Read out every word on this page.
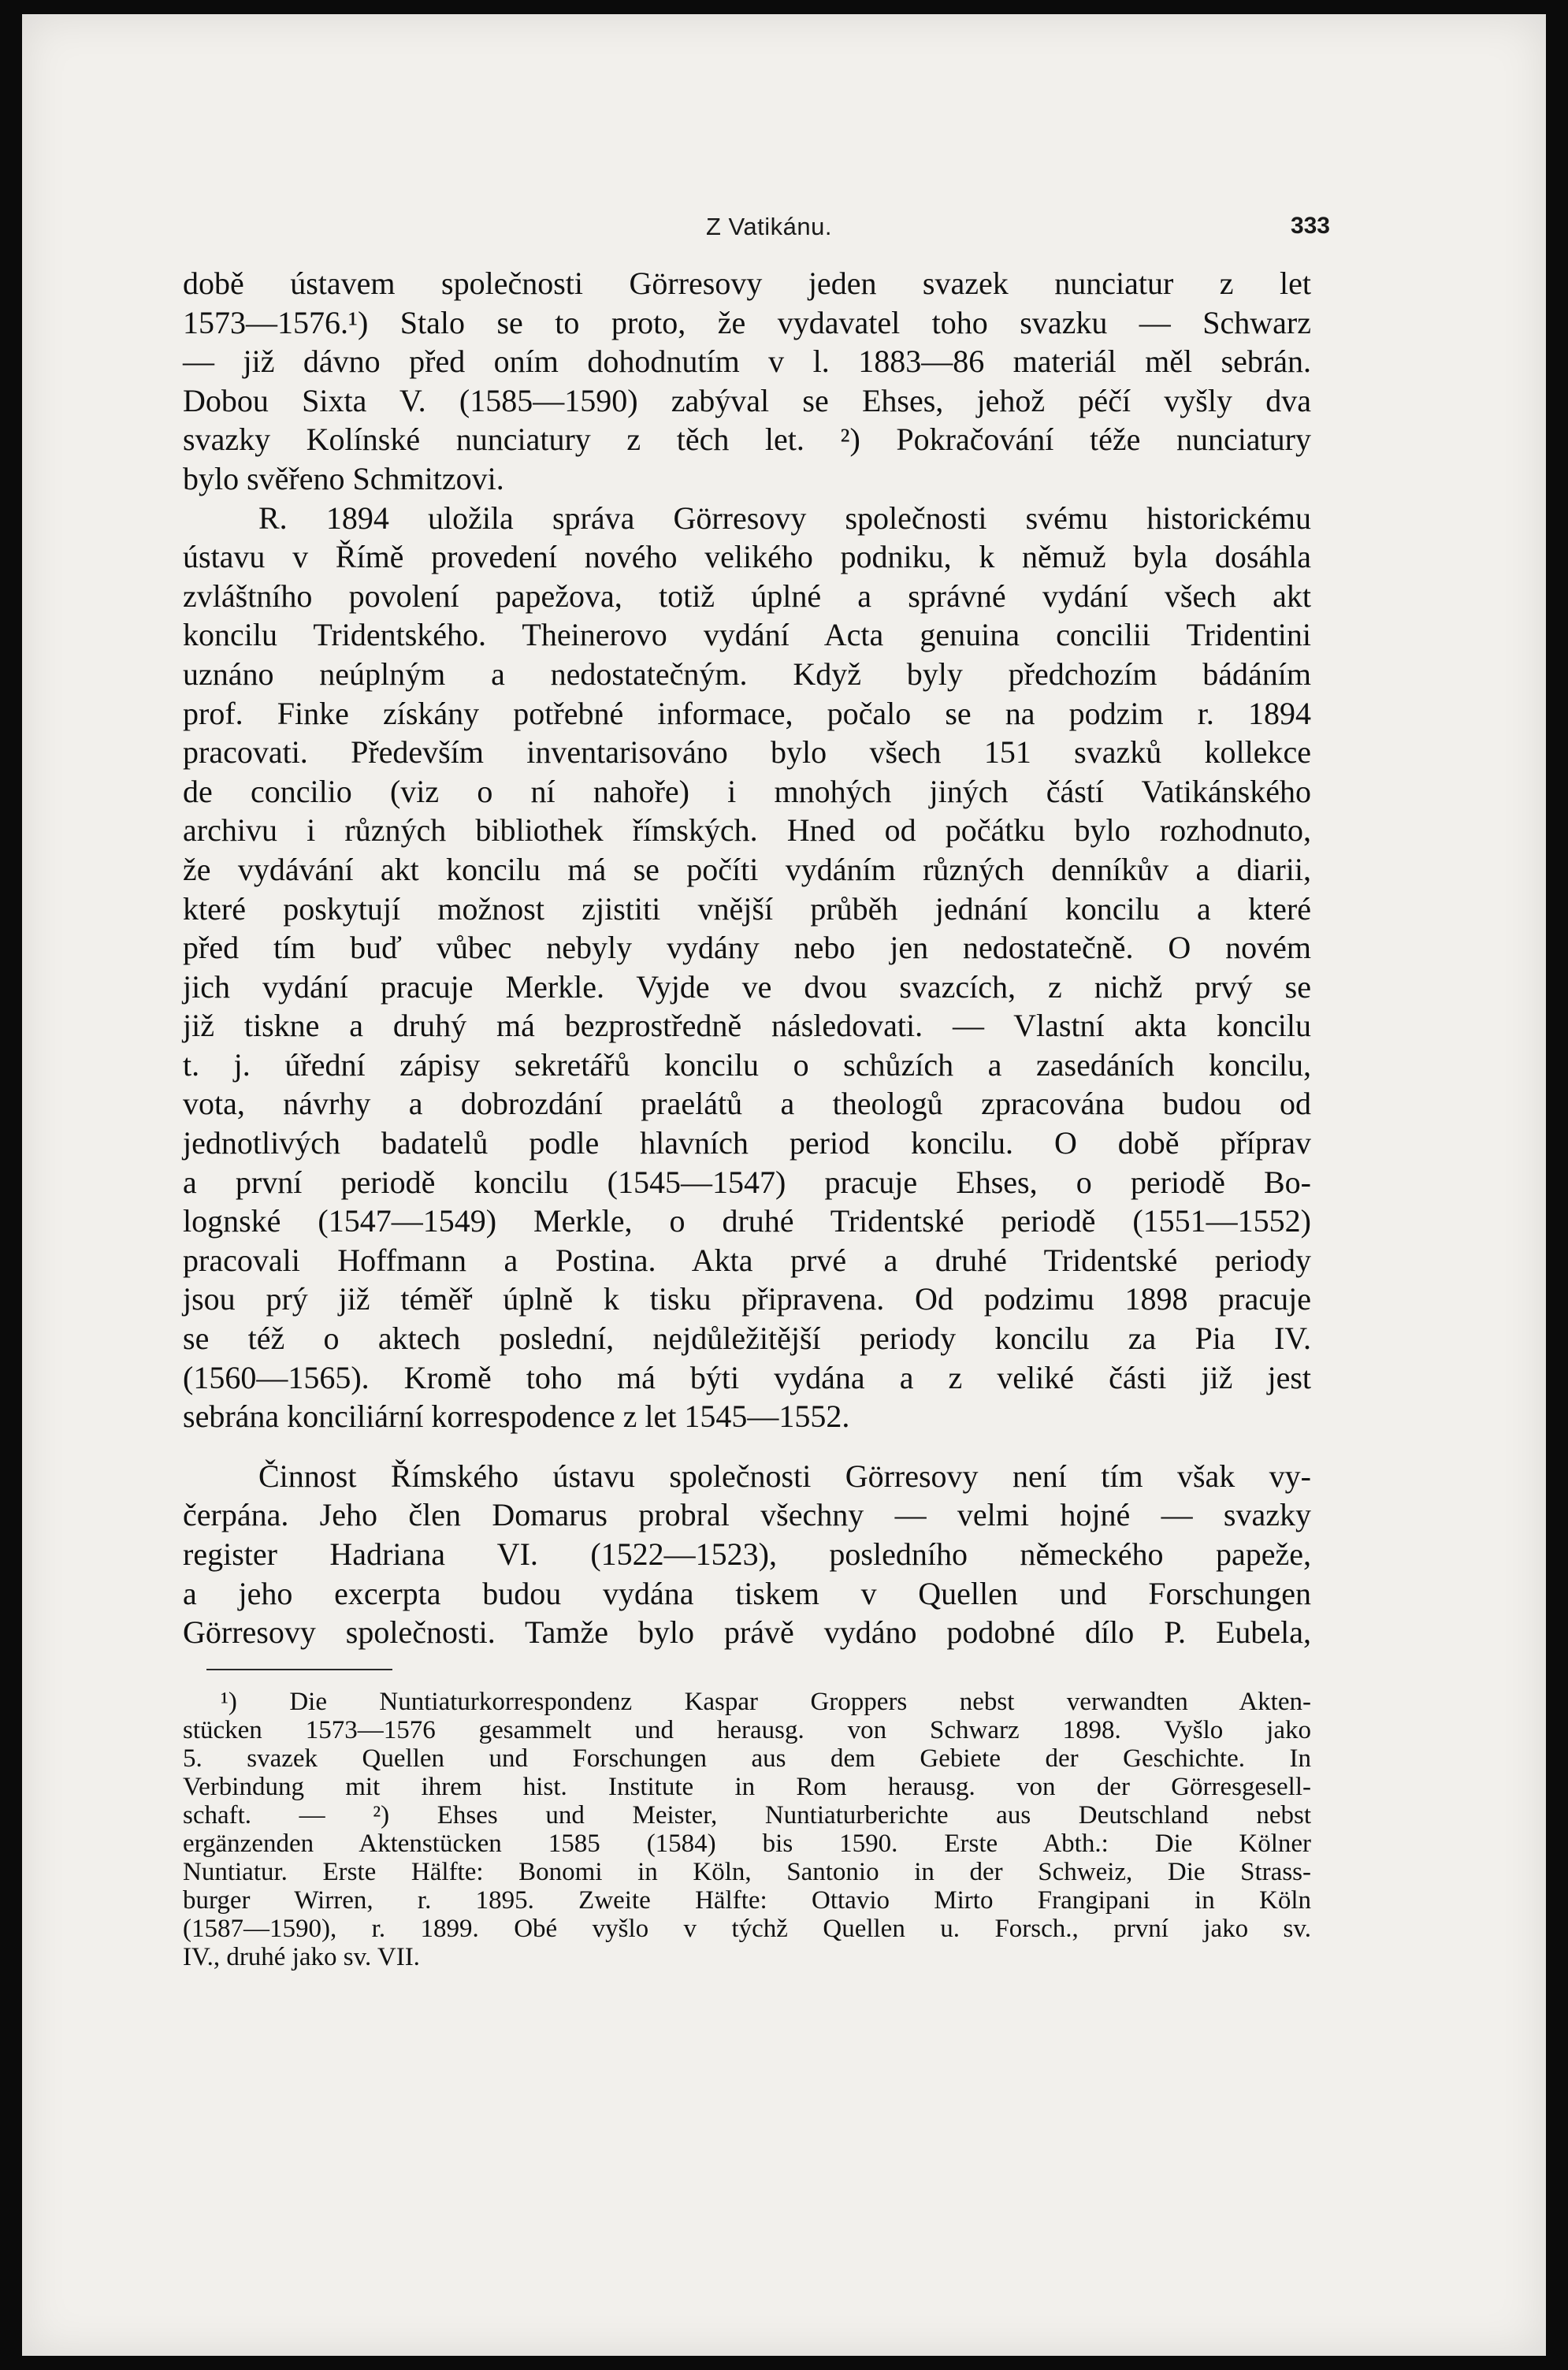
Z Vatikánu.	333
době ústavem společnosti Görresovy jeden svazek nunciatur z let
1573—1576.¹) Stalo se to proto, že vydavatel toho svazku — Schwarz
— již dávno před oním dohodnutím v l. 1883—86 materiál měl sebrán.
Dobou Sixta V. (1585—1590) zabýval se Ehses, jehož péčí vyšly dva
svazky Kolínské nunciatury z těch let. ²) Pokračování téže nunciatury
bylo svěřeno Schmitzovi.
R. 1894 uložila správa Görresovy společnosti svému historickému
ústavu v Římě provedení nového velikého podniku, k němuž byla dosáhla
zvláštního povolení papežova, totiž úplné a správné vydání všech akt
koncilu Tridentského. Theinerovo vydání Acta genuina concilii Tridentini
uznáno neúplným a nedostatečným. Když byly předchozím bádáním
prof. Finke získány potřebné informace, počalo se na podzim r. 1894
pracovati. Především inventarisováno bylo všech 151 svazků kollekce
de concilio (viz o ní nahoře) i mnohých jiných částí Vatikánského
archivu i různých bibliothek římských. Hned od počátku bylo rozhodnuto,
že vydávání akt koncilu má se počíti vydáním různých denníkův a diarii,
které poskytují možnost zjistiti vnější průběh jednání koncilu a které
před tím buď vůbec nebyly vydány nebo jen nedostatečně. O novém
jich vydání pracuje Merkle. Vyjde ve dvou svazcích, z nichž prvý se
již tiskne a druhý má bezprostředně následovati. — Vlastní akta koncilu
t. j. úřední zápisy sekretářů koncilu o schůzích a zasedáních koncilu,
vota, návrhy a dobrozdání praelátů a theologů zpracována budou od
jednotlivých badatelů podle hlavních period koncilu. O době příprav
a první periodě koncilu (1545—1547) pracuje Ehses, o periodě Bo-
lognské (1547—1549) Merkle, o druhé Tridentské periodě (1551—1552)
pracovali Hoffmann a Postina. Akta prvé a druhé Tridentské periody
jsou prý již téměř úplně k tisku připravena. Od podzimu 1898 pracuje
se též o aktech poslední, nejdůležitější periody koncilu za Pia IV.
(1560—1565). Kromě toho má býti vydána a z veliké části již jest
sebrána konciliární korrespodence z let 1545—1552.
Činnost Římského ústavu společnosti Görresovy není tím však vy-
čerpána. Jeho člen Domarus probral všechny — velmi hojné — svazky
register Hadriana VI. (1522—1523), posledního německého papeže,
a jeho excerpta budou vydána tiskem v Quellen und Forschungen
Görresovy společnosti. Tamže bylo právě vydáno podobné dílo P. Eubela,
¹) Die Nuntiaturkorrespondenz Kaspar Groppers nebst verwandten Akten-
stücken 1573—1576 gesammelt und herausg. von Schwarz 1898. Vyšlo jako
5. svazek Quellen und Forschungen aus dem Gebiete der Geschichte. In
Verbindung mit ihrem hist. Institute in Rom herausg. von der Görresgesell-
schaft. — ²) Ehses und Meister, Nuntiaturberichte aus Deutschland nebst
ergänzenden Aktenstücken 1585 (1584) bis 1590. Erste Abth.: Die Kölner
Nuntiatur. Erste Hälfte: Bonomi in Köln, Santonio in der Schweiz, Die Strass-
burger Wirren, r. 1895. Zweite Hälfte: Ottavio Mirto Frangipani in Köln
(1587—1590), r. 1899. Obé vyšlo v týchž Quellen u. Forsch., první jako sv.
IV., druhé jako sv. VII.
